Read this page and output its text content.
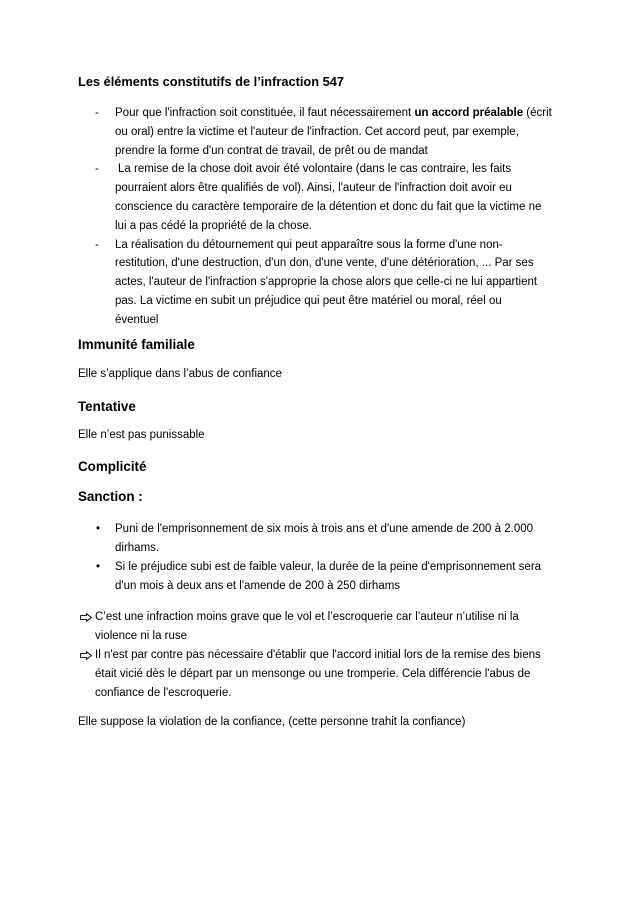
Les éléments constitutifs de l’infraction 547
- Pour que l'infraction soit constituée, il faut nécessairement un accord préalable (écrit
ou oral) entre la victime et l'auteur de l'infraction. Cet accord peut, par exemple,
prendre la forme d'un contrat de travail, de prêt ou de mandat
- La remise de la chose doit avoir été volontaire (dans le cas contraire, les faits
pourraient alors être qualifiés de vol). Ainsi, l'auteur de l'infraction doit avoir eu
conscience du caractère temporaire de la détention et donc du fait que la victime ne
lui a pas cédé la propriété de la chose.
- La réalisation du détournement qui peut apparaître sous la forme d'une non-
restitution, d'une destruction, d'un don, d'une vente, d'une détérioration, ... Par ses
actes, l'auteur de l'infraction s'approprie la chose alors que celle-ci ne lui appartient
pas. La victime en subit un préjudice qui peut être matériel ou moral, réel ou
éventuel
Immunité familiale
Elle s’applique dans l’abus de confiance
Tentative
Elle n’est pas punissable
Complicité
Sanction :
• Puni de l'emprisonnement de six mois à trois ans et d'une amende de 200 à 2.000
dirhams.
• Si le préjudice subi est de faible valeur, la durée de la peine d'emprisonnement sera
d'un mois à deux ans et l'amende de 200 à 250 dirhams
C’est une infraction moins grave que le vol et l’escroquerie car l’auteur n’utilise ni la
violence ni la ruse
Il n'est par contre pas nécessaire d'établir que l'accord initial lors de la remise des biens
était vicié dès le départ par un mensonge ou une tromperie. Cela différencie l'abus de
confiance de l'escroquerie.
Elle suppose la violation de la confiance, (cette personne trahit la confiance)
